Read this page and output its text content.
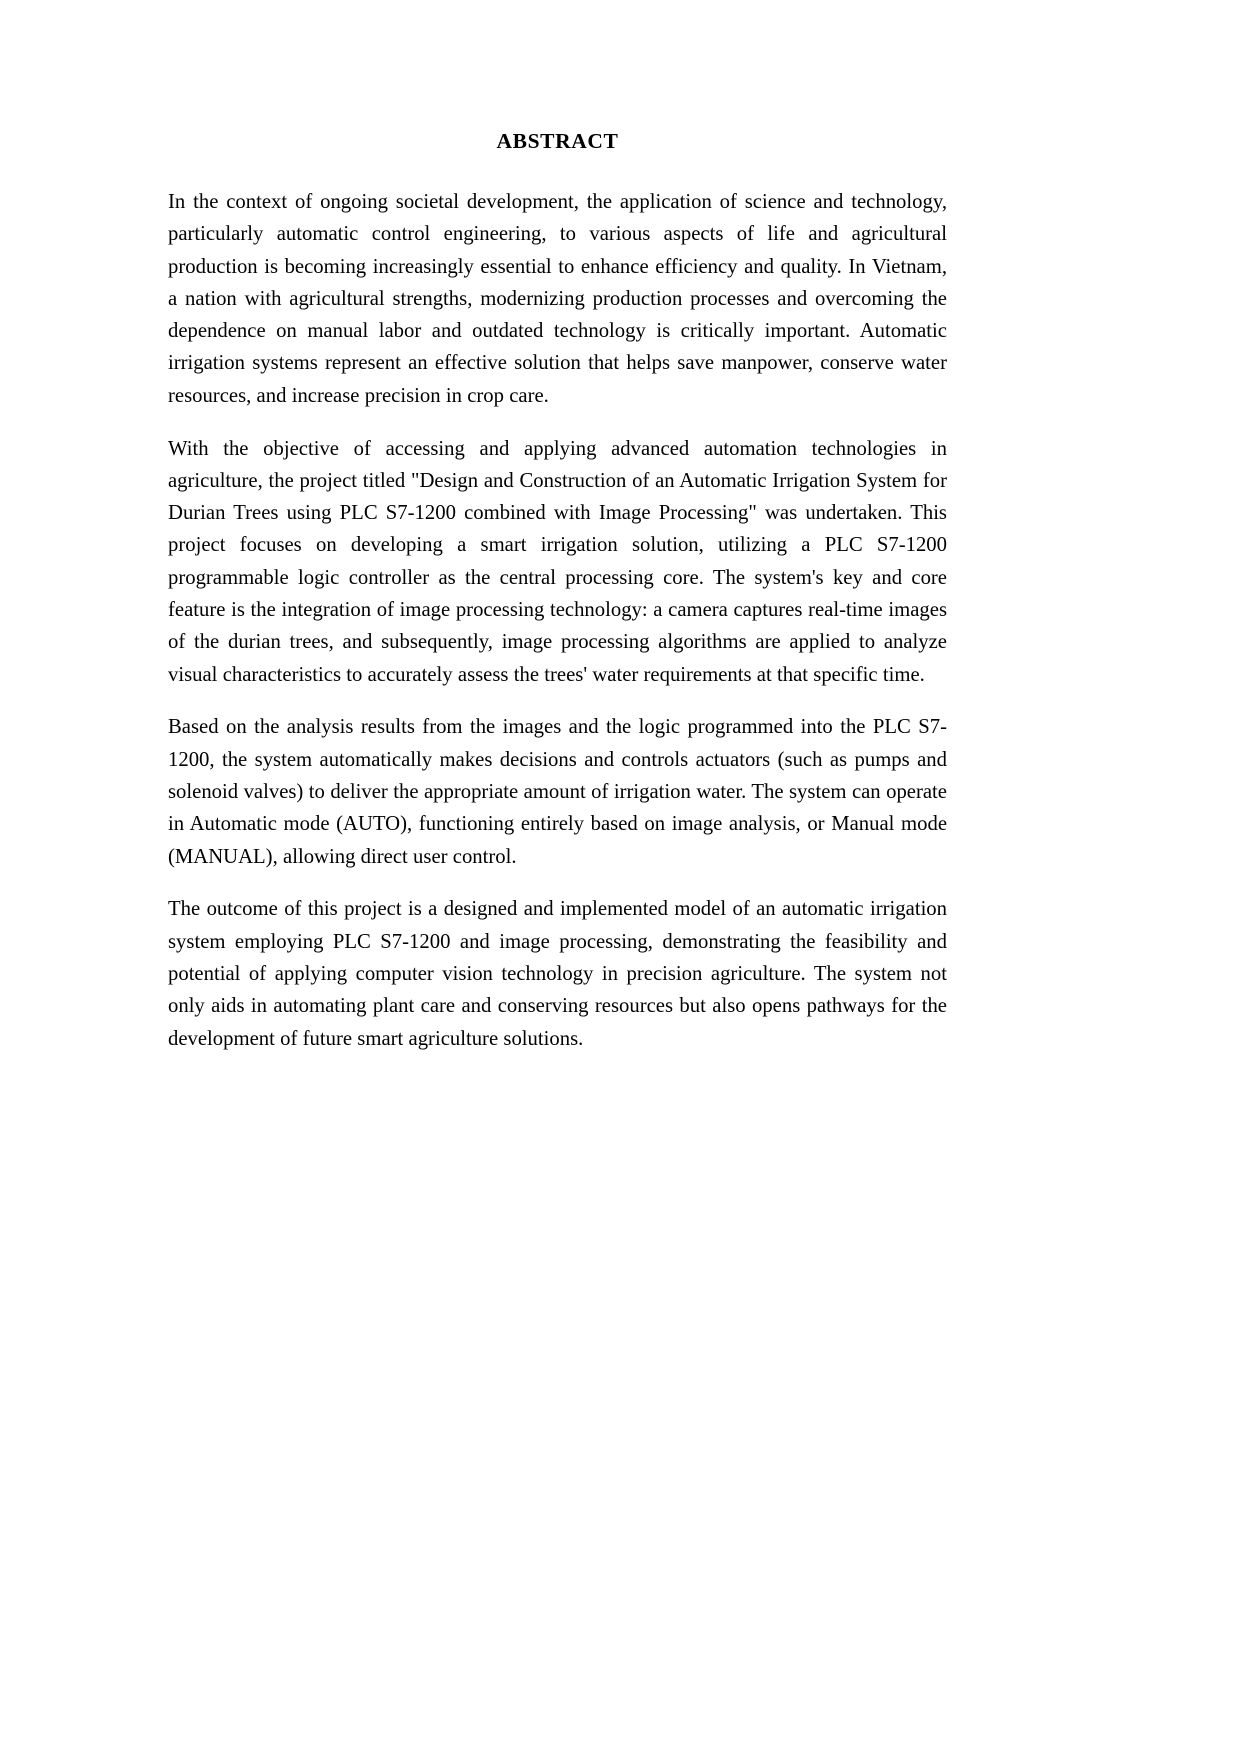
ABSTRACT

In the context of ongoing societal development, the application of science and technology, particularly automatic control engineering, to various aspects of life and agricultural production is becoming increasingly essential to enhance efficiency and quality. In Vietnam, a nation with agricultural strengths, modernizing production processes and overcoming the dependence on manual labor and outdated technology is critically important. Automatic irrigation systems represent an effective solution that helps save manpower, conserve water resources, and increase precision in crop care.

With the objective of accessing and applying advanced automation technologies in agriculture, the project titled "Design and Construction of an Automatic Irrigation System for Durian Trees using PLC S7-1200 combined with Image Processing" was undertaken. This project focuses on developing a smart irrigation solution, utilizing a PLC S7-1200 programmable logic controller as the central processing core. The system's key and core feature is the integration of image processing technology: a camera captures real-time images of the durian trees, and subsequently, image processing algorithms are applied to analyze visual characteristics to accurately assess the trees' water requirements at that specific time.

Based on the analysis results from the images and the logic programmed into the PLC S7-1200, the system automatically makes decisions and controls actuators (such as pumps and solenoid valves) to deliver the appropriate amount of irrigation water. The system can operate in Automatic mode (AUTO), functioning entirely based on image analysis, or Manual mode (MANUAL), allowing direct user control.

The outcome of this project is a designed and implemented model of an automatic irrigation system employing PLC S7-1200 and image processing, demonstrating the feasibility and potential of applying computer vision technology in precision agriculture. The system not only aids in automating plant care and conserving resources but also opens pathways for the development of future smart agriculture solutions.
